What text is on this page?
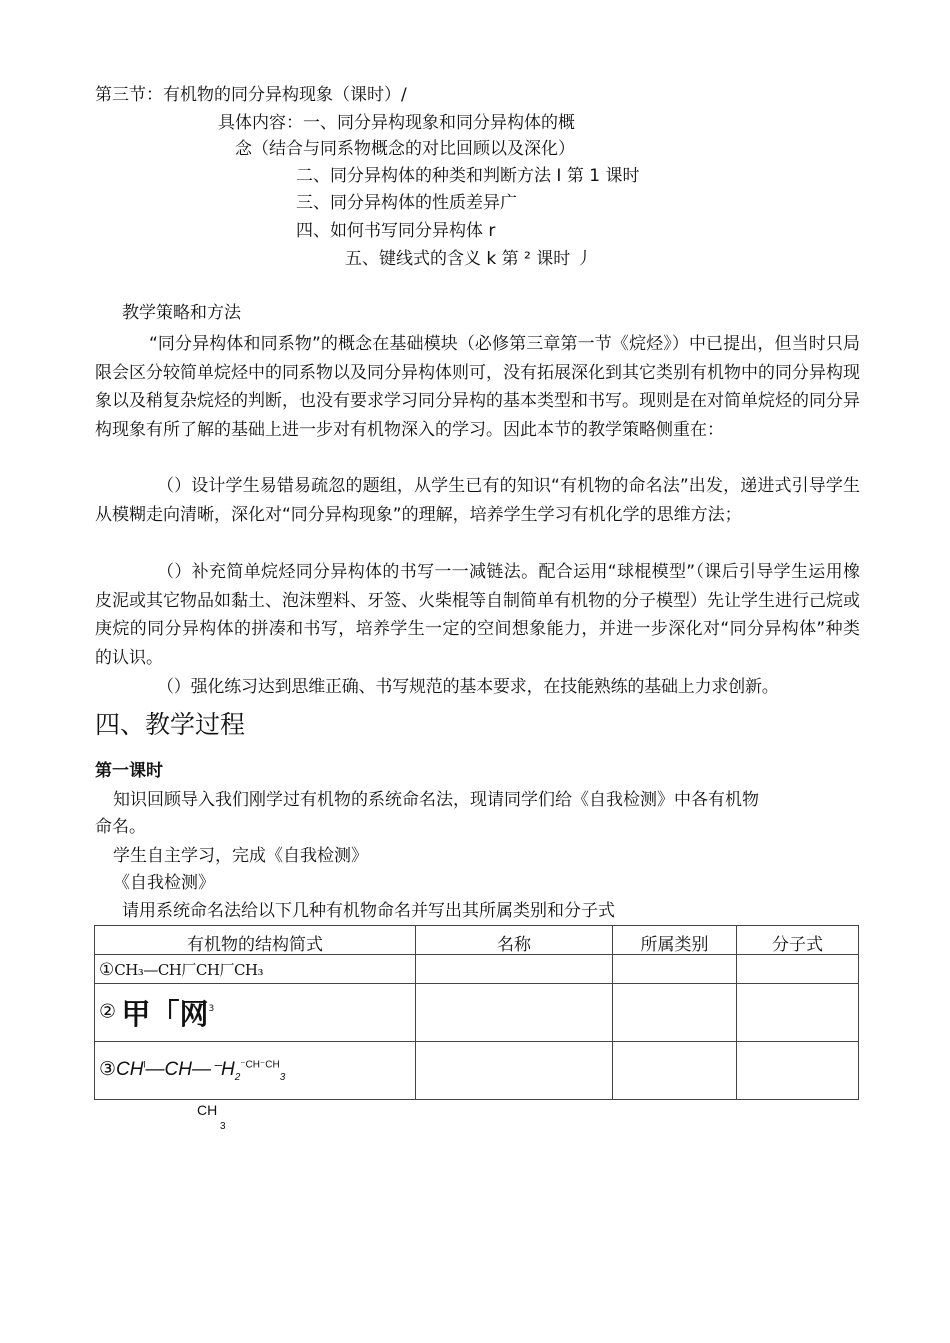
第三节：有机物的同分异构现象（课时）/
具体内容：一、同分异构现象和同分异构体的概
念（结合与同系物概念的对比回顾以及深化）
二、同分异构体的种类和判断方法 I 第 1 课时
三、同分异构体的性质差异广
四、如何书写同分异构体 r
五、键线式的含义 k 第 ² 课时 丿
教学策略和方法
“同分异构体和同系物”的概念在基础模块（必修第三章第一节《烷烃》）中已提出，但当时只局限会区分较简单烷烃中的同系物以及同分异构体则可，没有拓展深化到其它类别有机物中的同分异构现象以及稍复杂烷烃的判断，也没有要求学习同分异构的基本类型和书写。现则是在对简单烷烃的同分异构现象有所了解的基础上进一步对有机物深入的学习。因此本节的教学策略侧重在：
（）设计学生易错易疏忽的题组，从学生已有的知识“有机物的命名法”出发，递进式引导学生从模糊走向清晰，深化对“同分异构现象”的理解，培养学生学习有机化学的思维方法；
（）补充简单烷烃同分异构体的书写一一减链法。配合运用“球棍模型”（课后引导学生运用橡皮泥或其它物品如黏土、泡沫塑料、牙签、火柴棍等自制简单有机物的分子模型）先让学生进行己烷或庚烷的同分异构体的拼凑和书写，培养学生一定的空间想象能力，并进一步深化对“同分异构体”种类的认识。
（）强化练习达到思维正确、书写规范的基本要求，在技能熟练的基础上力求创新。
四、教学过程
第一课时
知识回顾导入我们刚学过有机物的系统命名法，现请同学们给《自我检测》中各有机物
命名。
学生自主学习，完成《自我检测》
《自我检测》
请用系统命名法给以下几种有机物命名并写出其所属类别和分子式
有机物的结构简式	名称	所属类别	分子式
①CH₃—CH厂CH厂CH₃			
② 甲「网$^3$			
$③CH^l—CH—^-H_2^{^-CH^-CH}_3$			
CH
3
